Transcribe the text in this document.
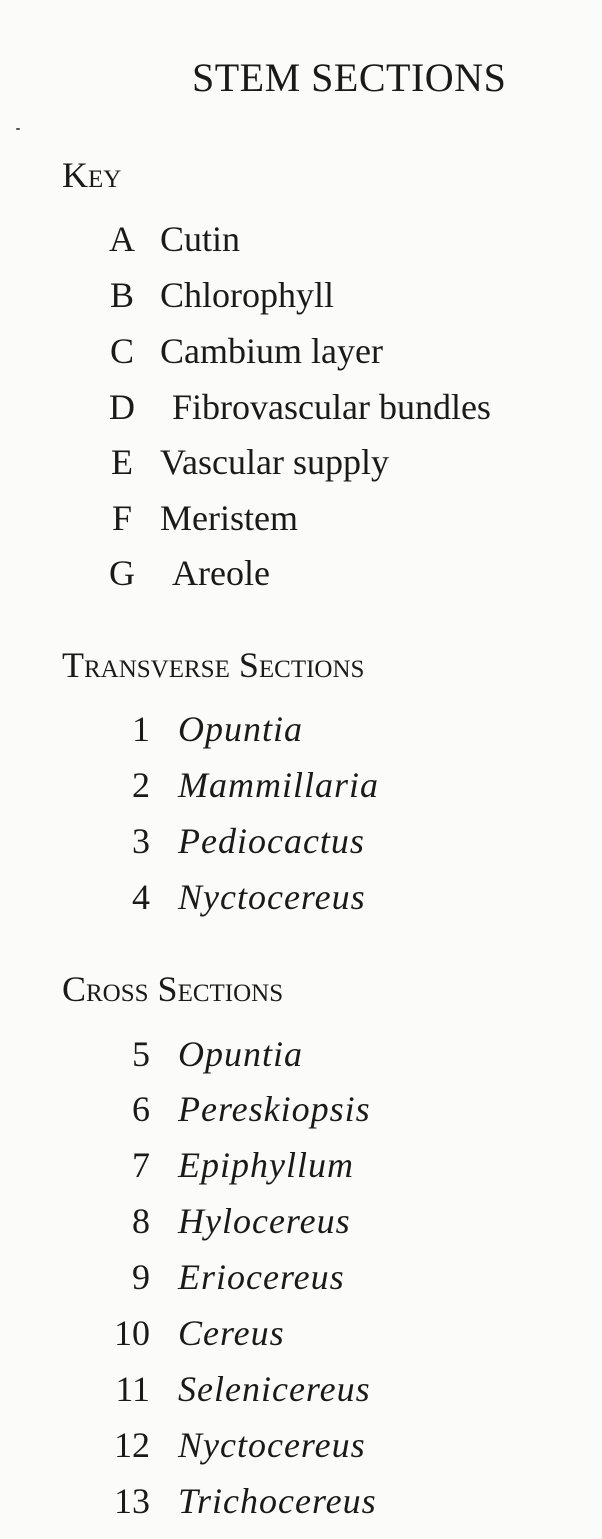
STEM SECTIONS
Key
A Cutin
B Chlorophyll
C Cambium layer
D Fibrovascular bundles
E Vascular supply
F Meristem
G Areole
Transverse Sections
1 Opuntia
2 Mammillaria
3 Pediocactus
4 Nyctocereus
Cross Sections
5 Opuntia
6 Pereskiopsis
7 Epiphyllum
8 Hylocereus
9 Eriocereus
10 Cereus
11 Selenicereus
12 Nyctocereus
13 Trichocereus
